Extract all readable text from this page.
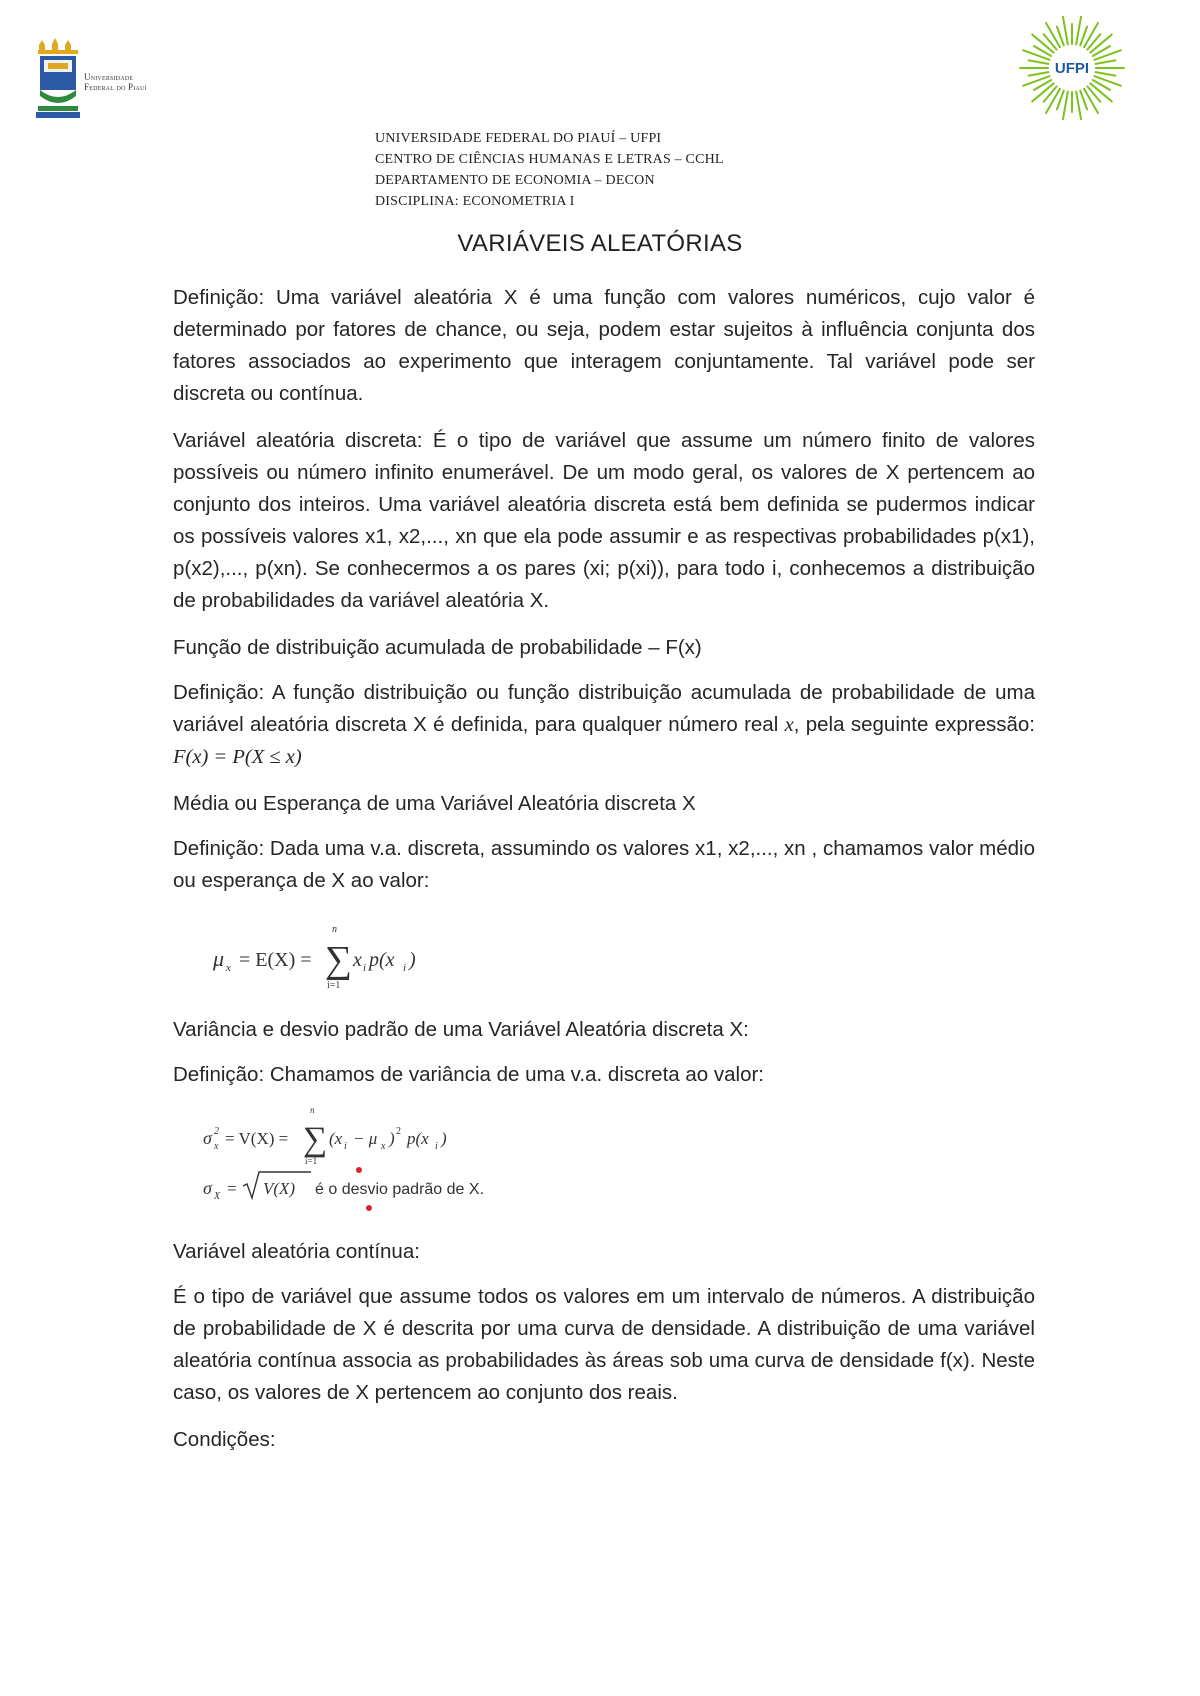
Universidade
Federal do Piauí
UFPI
UNIVERSIDADE FEDERAL DO PIAUÍ – UFPI
CENTRO DE CIÊNCIAS HUMANAS E LETRAS – CCHL
DEPARTAMENTO DE ECONOMIA – DECON
DISCIPLINA: ECONOMETRIA I
VARIÁVEIS ALEATÓRIAS

Definição: Uma variável aleatória X é uma função com valores numéricos, cujo valor é determinado por fatores de chance, ou seja, podem estar sujeitos à influência conjunta dos fatores associados ao experimento que interagem conjuntamente. Tal variável pode ser discreta ou contínua.

Variável aleatória discreta: É o tipo de variável que assume um número finito de valores possíveis ou número infinito enumerável. De um modo geral, os valores de X pertencem ao conjunto dos inteiros. Uma variável aleatória discreta está bem definida se pudermos indicar os possíveis valores x1, x2,..., xn que ela pode assumir e as respectivas probabilidades p(x1), p(x2),..., p(xn). Se conhecermos a os pares (xi; p(xi)), para todo i, conhecemos a distribuição de probabilidades da variável aleatória X.

Função de distribuição acumulada de probabilidade – F(x)

Definição: A função distribuição ou função distribuição acumulada de probabilidade de uma variável aleatória discreta X é definida, para qualquer número real x, pela seguinte expressão: F(x) = P(X ≤ x)

Média ou Esperança de uma Variável Aleatória discreta X

Definição: Dada uma v.a. discreta, assumindo os valores x1, x2,..., xn , chamamos valor médio ou esperança de X ao valor:

μ x = E(X) =
n
∑
i=1
x i p(x i )

Variância e desvio padrão de uma Variável Aleatória discreta X:

Definição: Chamamos de variância de uma v.a. discreta ao valor:

σ 2
x = V(X) =
n
∑
i=1
(x i − μ x ) 2 p(x i )
σ X = V(X) é o desvio padrão de X.

Variável aleatória contínua:

É o tipo de variável que assume todos os valores em um intervalo de números. A distribuição de probabilidade de X é descrita por uma curva de densidade. A distribuição de uma variável aleatória contínua associa as probabilidades às áreas sob uma curva de densidade f(x). Neste caso, os valores de X pertencem ao conjunto dos reais.

Condições:
